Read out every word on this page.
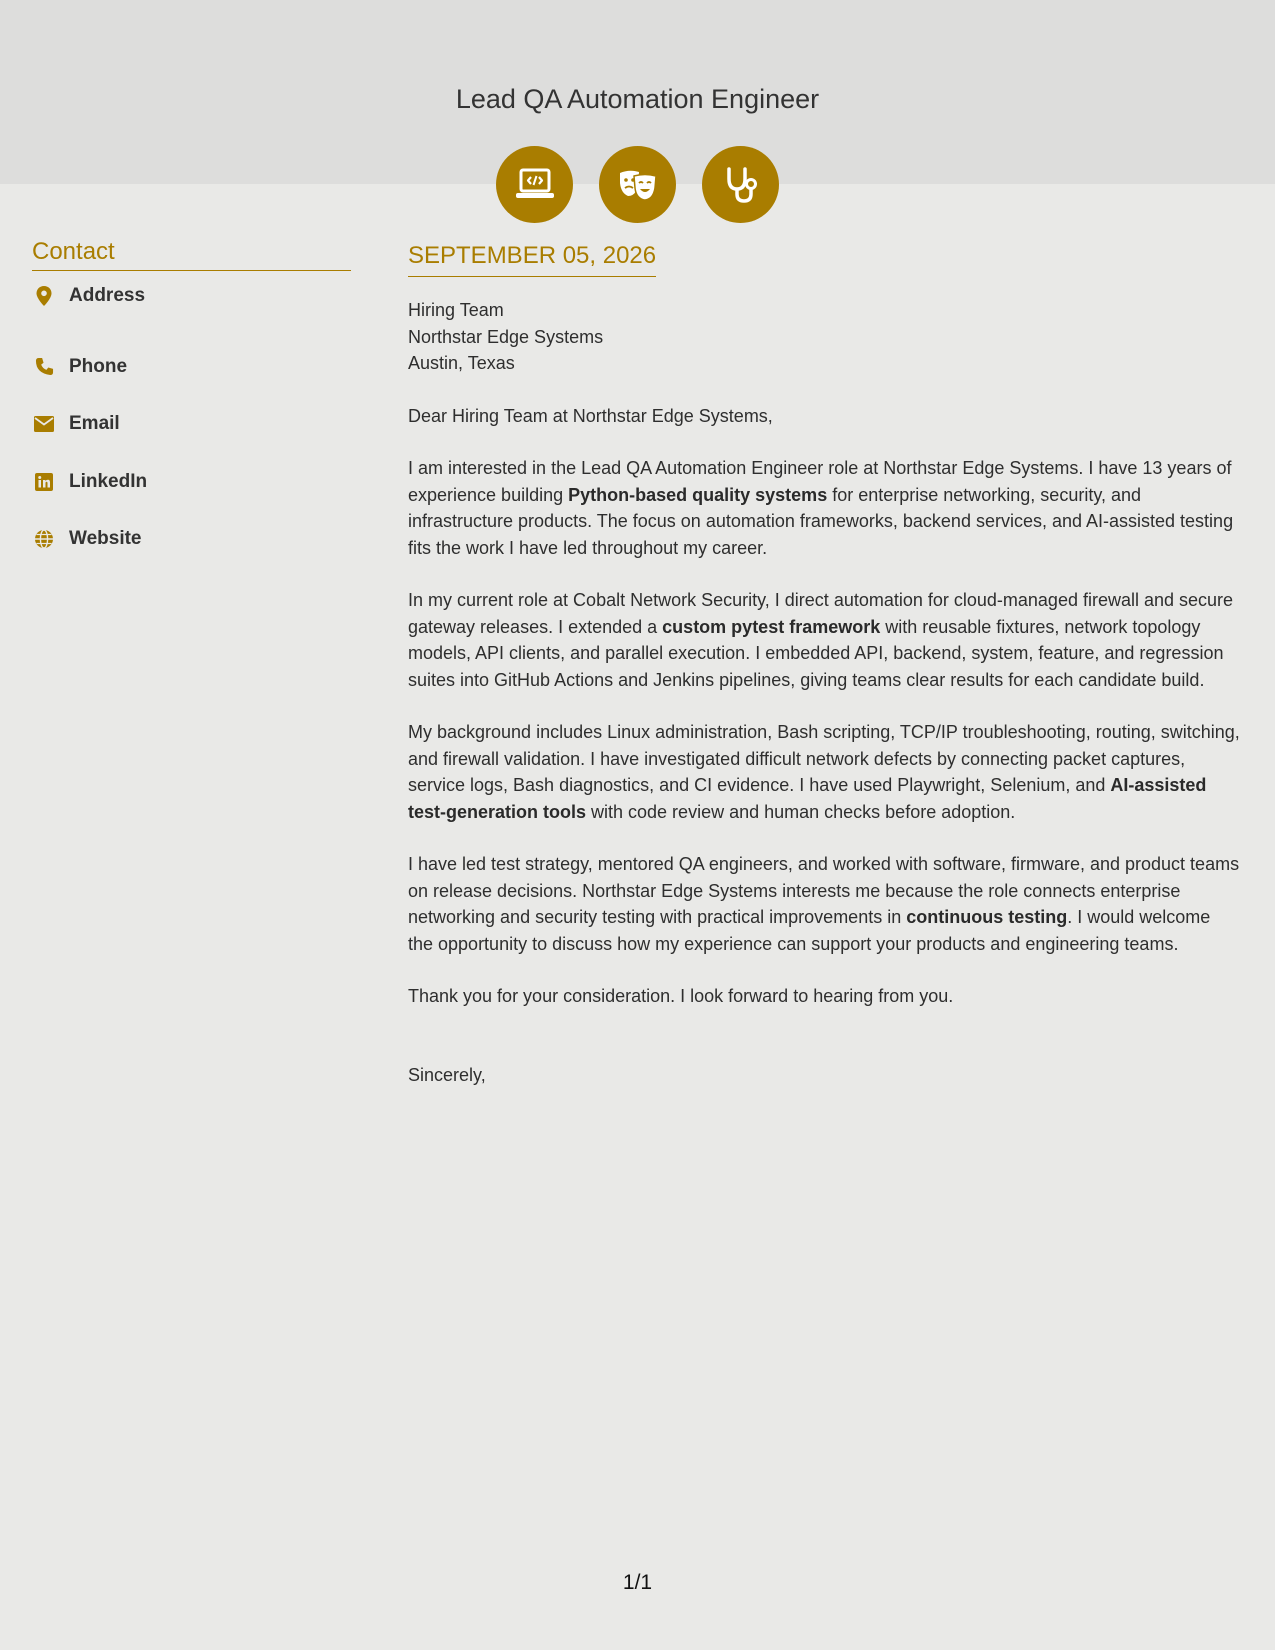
Lead QA Automation Engineer
Contact
Address
Phone
Email
LinkedIn
Website
SEPTEMBER 05, 2026
Hiring Team
Northstar Edge Systems
Austin, Texas

Dear Hiring Team at Northstar Edge Systems,

I am interested in the Lead QA Automation Engineer role at Northstar Edge Systems. I have 13 years of experience building Python-based quality systems for enterprise networking, security, and infrastructure products. The focus on automation frameworks, backend services, and AI-assisted testing fits the work I have led throughout my career.

In my current role at Cobalt Network Security, I direct automation for cloud-managed firewall and secure gateway releases. I extended a custom pytest framework with reusable fixtures, network topology models, API clients, and parallel execution. I embedded API, backend, system, feature, and regression suites into GitHub Actions and Jenkins pipelines, giving teams clear results for each candidate build.

My background includes Linux administration, Bash scripting, TCP/IP troubleshooting, routing, switching, and firewall validation. I have investigated difficult network defects by connecting packet captures, service logs, Bash diagnostics, and CI evidence. I have used Playwright, Selenium, and AI-assisted test-generation tools with code review and human checks before adoption.

I have led test strategy, mentored QA engineers, and worked with software, firmware, and product teams on release decisions. Northstar Edge Systems interests me because the role connects enterprise networking and security testing with practical improvements in continuous testing. I would welcome the opportunity to discuss how my experience can support your products and engineering teams.

Thank you for your consideration. I look forward to hearing from you.

Sincerely,

1/1
